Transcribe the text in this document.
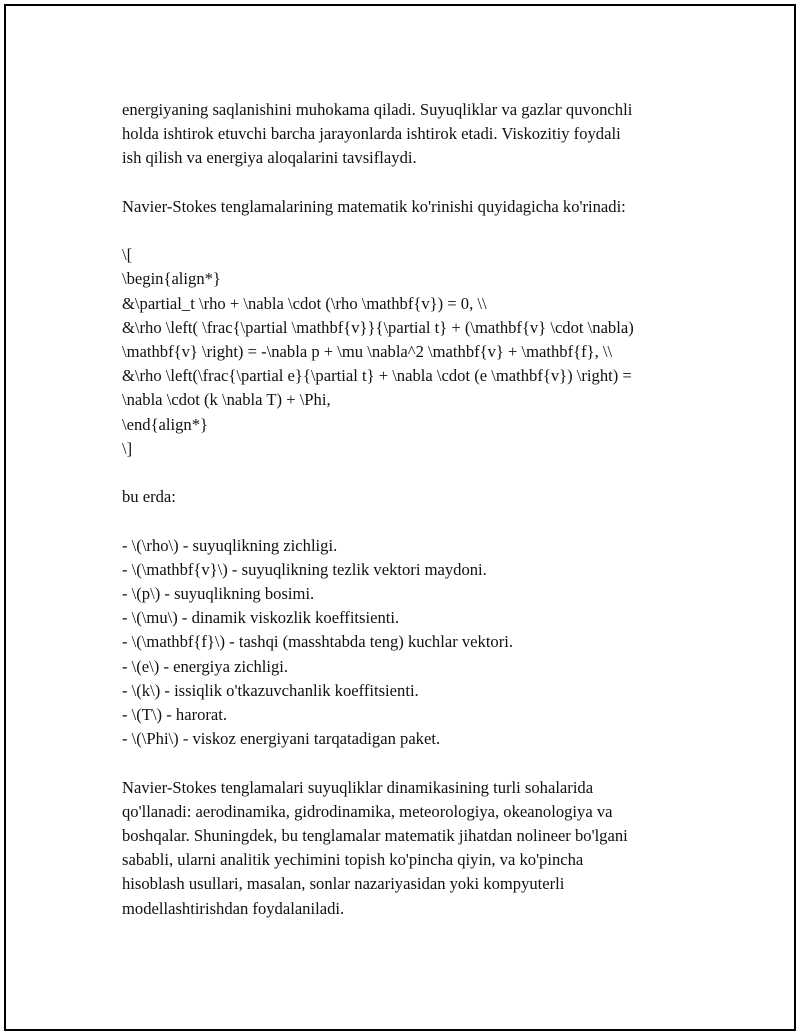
energiyaning saqlanishini muhokama qiladi. Suyuqliklar va gazlar quvonchli
holda ishtirok etuvchi barcha jarayonlarda ishtirok etadi. Viskozitiy foydali
ish qilish va energiya aloqalarini tavsiflaydi.
Navier-Stokes tenglamalarining matematik ko'rinishi quyidagicha ko'rinadi:
\[
\begin{align*}
&\partial_t \rho + \nabla \cdot (\rho \mathbf{v}) = 0, \\
&\rho \left( \frac{\partial \mathbf{v}}{\partial t} + (\mathbf{v} \cdot \nabla)
\mathbf{v} \right) = -\nabla p + \mu \nabla^2 \mathbf{v} + \mathbf{f}, \\
&\rho \left(\frac{\partial e}{\partial t} + \nabla \cdot (e \mathbf{v}) \right) =
\nabla \cdot (k \nabla T) + \Phi,
\end{align*}
\]
bu erda:
- \(\rho\) - suyuqlikning zichligi.
- \(\mathbf{v}\) - suyuqlikning tezlik vektori maydoni.
- \(p\) - suyuqlikning bosimi.
- \(\mu\) - dinamik viskozlik koeffitsienti.
- \(\mathbf{f}\) - tashqi (masshtabda teng) kuchlar vektori.
- \(e\) - energiya zichligi.
- \(k\) - issiqlik o'tkazuvchanlik koeffitsienti.
- \(T\) - harorat.
- \(\Phi\) - viskoz energiyani tarqatadigan paket.
Navier-Stokes tenglamalari suyuqliklar dinamikasining turli sohalarida
qo'llanadi: aerodinamika, gidrodinamika, meteorologiya, okeanologiya va
boshqalar. Shuningdek, bu tenglamalar matematik jihatdan nolineer bo'lgani
sababli, ularni analitik yechimini topish ko'pincha qiyin, va ko'pincha
hisoblash usullari, masalan, sonlar nazariyasidan yoki kompyuterli
modellashtirishdan foydalaniladi.
